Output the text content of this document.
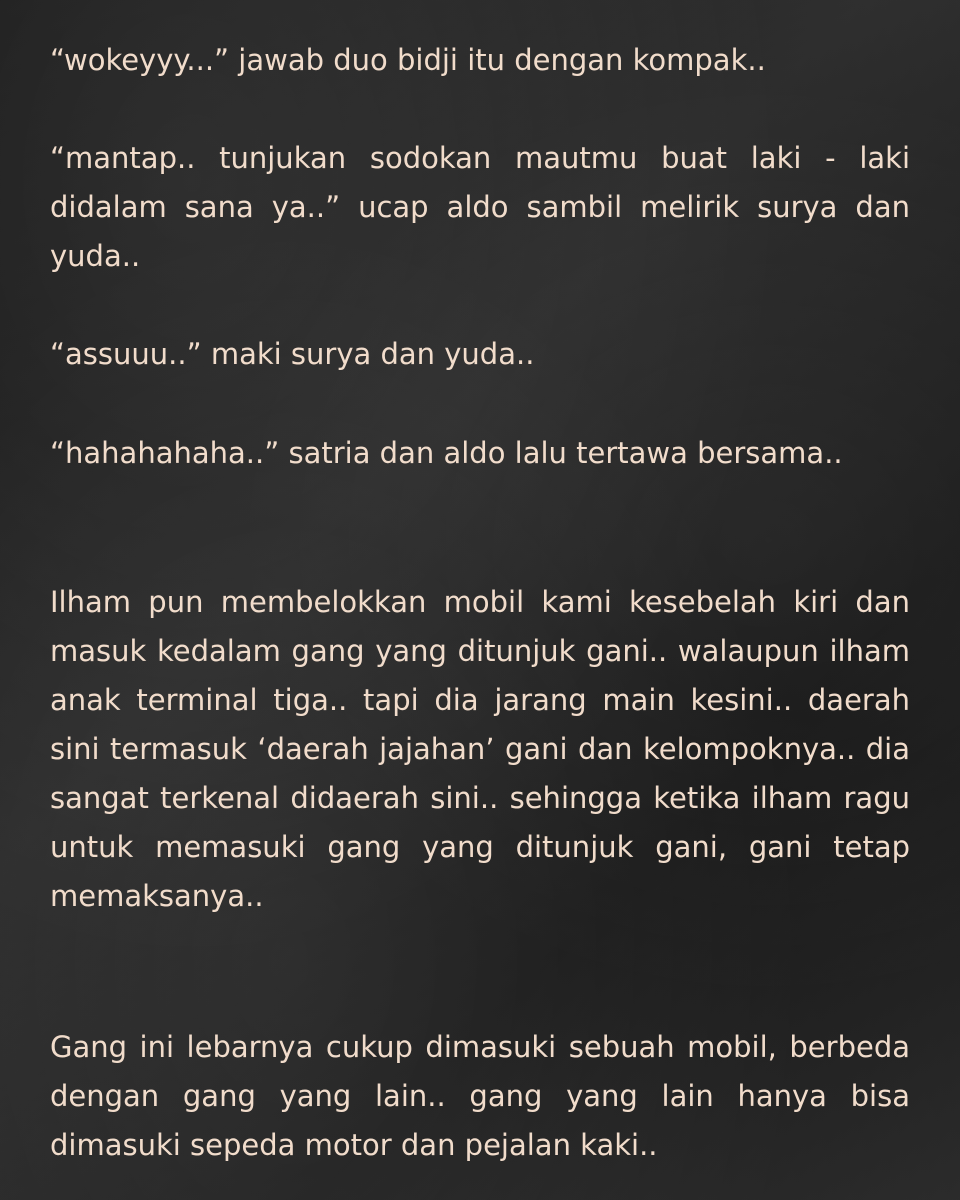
“wokeyyy...” jawab duo bidji itu dengan kompak..

“mantap.. tunjukan sodokan mautmu buat laki - laki didalam sana ya..” ucap aldo sambil melirik surya dan yuda..

“assuuu..” maki surya dan yuda..

“hahahahaha..” satria dan aldo lalu tertawa bersama..

Ilham pun membelokkan mobil kami kesebelah kiri dan masuk kedalam gang yang ditunjuk gani.. walaupun ilham anak terminal tiga.. tapi dia jarang main kesini.. daerah sini termasuk ‘daerah jajahan’ gani dan kelompoknya.. dia sangat terkenal didaerah sini.. sehingga ketika ilham ragu untuk memasuki gang yang ditunjuk gani, gani tetap memaksanya..

Gang ini lebarnya cukup dimasuki sebuah mobil, berbeda dengan gang yang lain.. gang yang lain hanya bisa dimasuki sepeda motor dan pejalan kaki..
